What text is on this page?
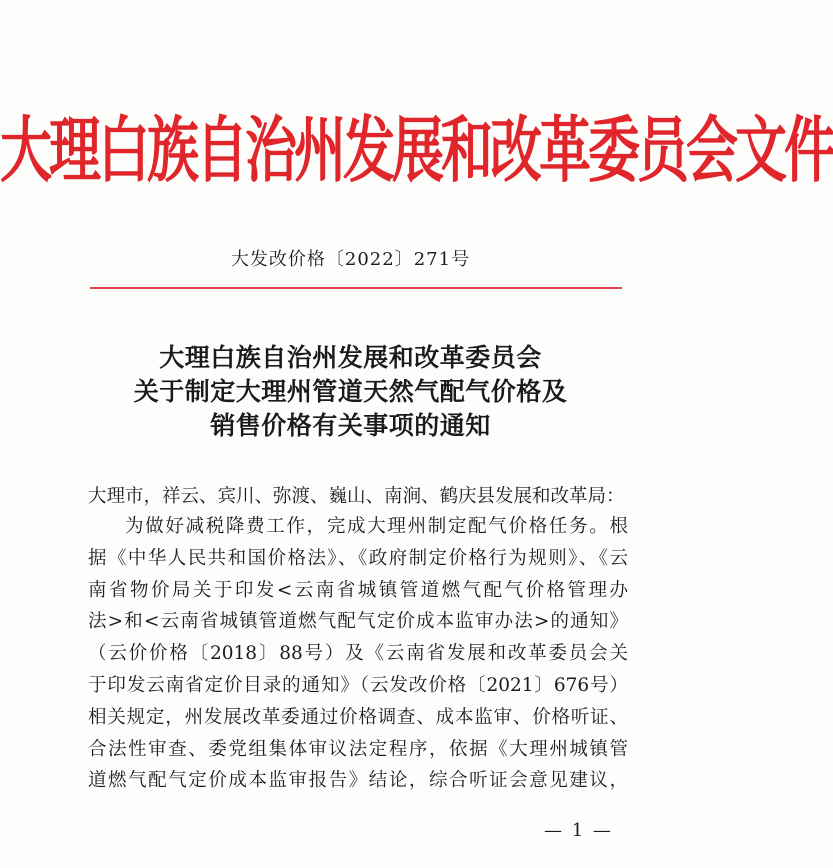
大理白族自治州发展和改革委员会文件
大发改价格〔2022〕271号
大理白族自治州发展和改革委员会
关于制定大理州管道天然气配气价格及
销售价格有关事项的通知
大理市，祥云、宾川、弥渡、巍山、南涧、鹤庆县发展和改革局：
为做好减税降费工作，完成大理州制定配气价格任务。根
据《中华人民共和国价格法》、《政府制定价格行为规则》、《云
南省物价局关于印发<云南省城镇管道燃气配气价格管理办
法>和<云南省城镇管道燃气配气定价成本监审办法>的通知》
（云价价格〔2018〕88号）及《云南省发展和改革委员会关
于印发云南省定价目录的通知》（云发改价格〔2021〕676号）
相关规定，州发展改革委通过价格调查、成本监审、价格听证、
合法性审查、委党组集体审议法定程序，依据《大理州城镇管
道燃气配气定价成本监审报告》结论，综合听证会意见建议，
— 1 —
